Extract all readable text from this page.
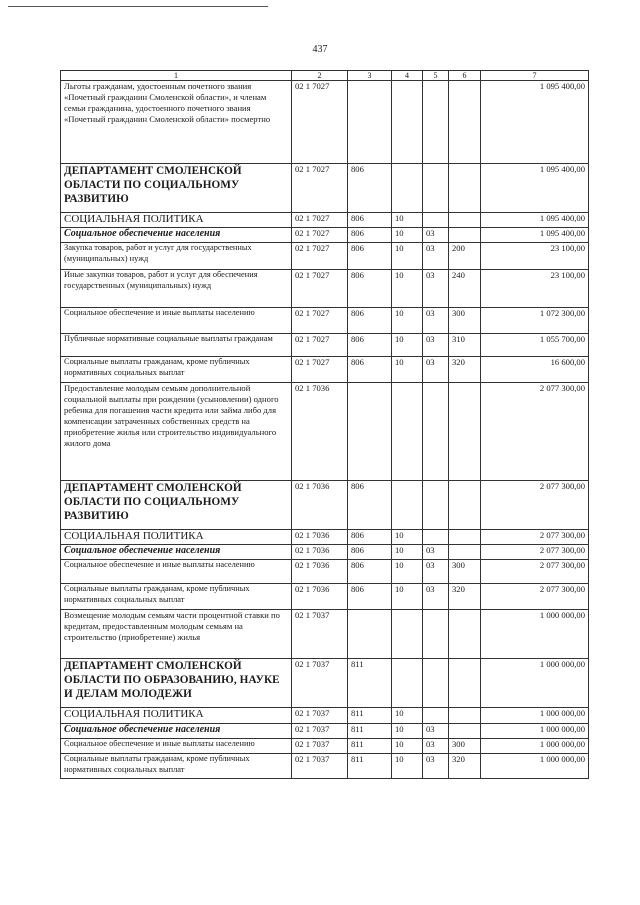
437
1	2	3	4	5	6	7
Льготы гражданам, удостоенным почетного звания «Почетный гражданин Смоленской области», и членам семьи гражданина, удостоенного почетного звания «Почетный гражданин Смоленской области» посмертно	02 1 7027					1 095 400,00
ДЕПАРТАМЕНТ СМОЛЕНСКОЙ ОБЛАСТИ ПО СОЦИАЛЬНОМУ РАЗВИТИЮ	02 1 7027	806				1 095 400,00
СОЦИАЛЬНАЯ ПОЛИТИКА	02 1 7027	806	10			1 095 400,00
Социальное обеспечение населения	02 1 7027	806	10	03		1 095 400,00
Закупка товаров, работ и услуг для государственных (муниципальных) нужд	02 1 7027	806	10	03	200	23 100,00
Иные закупки товаров, работ и услуг для обеспечения государственных (муниципальных) нужд	02 1 7027	806	10	03	240	23 100,00
Социальное обеспечение и иные выплаты населению	02 1 7027	806	10	03	300	1 072 300,00
Публичные нормативные социальные выплаты гражданам	02 1 7027	806	10	03	310	1 055 700,00
Социальные выплаты гражданам, кроме публичных нормативных социальных выплат	02 1 7027	806	10	03	320	16 600,00
Предоставление молодым семьям дополнительной социальной выплаты при рождении (усыновлении) одного ребенка для погашения части кредита или займа либо для компенсации затраченных собственных средств на приобретение жилья или строительство индивидуального жилого дома	02 1 7036					2 077 300,00
ДЕПАРТАМЕНТ СМОЛЕНСКОЙ ОБЛАСТИ ПО СОЦИАЛЬНОМУ РАЗВИТИЮ	02 1 7036	806				2 077 300,00
СОЦИАЛЬНАЯ ПОЛИТИКА	02 1 7036	806	10			2 077 300,00
Социальное обеспечение населения	02 1 7036	806	10	03		2 077 300,00
Социальное обеспечение и иные выплаты населению	02 1 7036	806	10	03	300	2 077 300,00
Социальные выплаты гражданам, кроме публичных нормативных социальных выплат	02 1 7036	806	10	03	320	2 077 300,00
Возмещение молодым семьям части процентной ставки по кредитам, предоставленным молодым семьям на строительство (приобретение) жилья	02 1 7037					1 000 000,00
ДЕПАРТАМЕНТ СМОЛЕНСКОЙ ОБЛАСТИ ПО ОБРАЗОВАНИЮ, НАУКЕ И ДЕЛАМ МОЛОДЕЖИ	02 1 7037	811				1 000 000,00
СОЦИАЛЬНАЯ ПОЛИТИКА	02 1 7037	811	10			1 000 000,00
Социальное обеспечение населения	02 1 7037	811	10	03		1 000 000,00
Социальное обеспечение и иные выплаты населению	02 1 7037	811	10	03	300	1 000 000,00
Социальные выплаты гражданам, кроме публичных нормативных социальных выплат	02 1 7037	811	10	03	320	1 000 000,00
